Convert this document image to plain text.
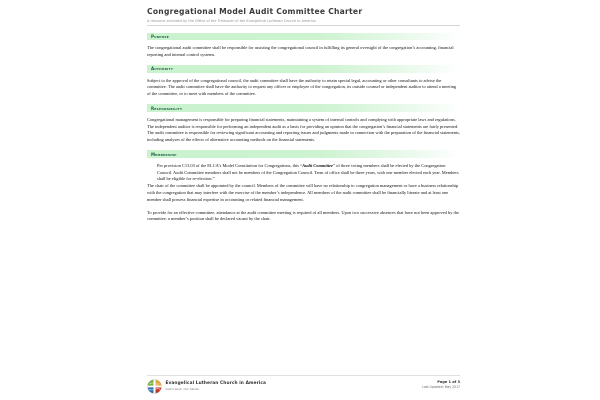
Congregational Model Audit Committee Charter
A resource provided by the Office of the Treasurer of the Evangelical Lutheran Church in America
Purpose

The congregational audit committee shall be responsible for assisting the congregational council in fulfilling its general oversight of the congregation’s accounting, financial reporting and internal control systems.

Authority

Subject to the approval of the congregational council, the audit committee shall have the authority to retain special legal, accounting or other consultants to advise the committee. The audit committee shall have the authority to request any officer or employee of the congregation, its outside counsel or independent auditor to attend a meeting of the committee, or to meet with members of the committee.

Responsibility

Congregational management is responsible for preparing financial statements, maintaining a system of internal controls and complying with appropriate laws and regulations. The independent auditor is responsible for performing an independent audit as a basis for providing an opinion that the congregation’s financial statements are fairly presented. The audit committee is responsible for reviewing significant accounting and reporting issues and judgments made in connection with the preparation of the financial statements, including analyses of the effects of alternative accounting methods on the financial statements.

Membership

Per provision C13.03 of the ELCA’s Model Constitution for Congregations, this “Audit Committee” of three voting members shall be elected by the Congregation Council. Audit Committee members shall not be members of the Congregation Council. Term of office shall be three years, with one member elected each year. Members shall be eligible for re-election.”

The chair of the committee shall be appointed by the council. Members of the committee will have no relationship to congregation management or have a business relationship with the congregation that may interfere with the exercise of the member’s independence. All members of the audit committee shall be financially literate and at least one member shall possess financial expertise in accounting or related financial management.

To provide for an effective committee, attendance at the audit committee meeting is required of all members. Upon two successive absences that have not been approved by the committee, a member’s position shall be declared vacant by the chair.

Evangelical Lutheran Church in America
God’s work. Our hands.
Page 1 of 3
Last Updated: May 2017
